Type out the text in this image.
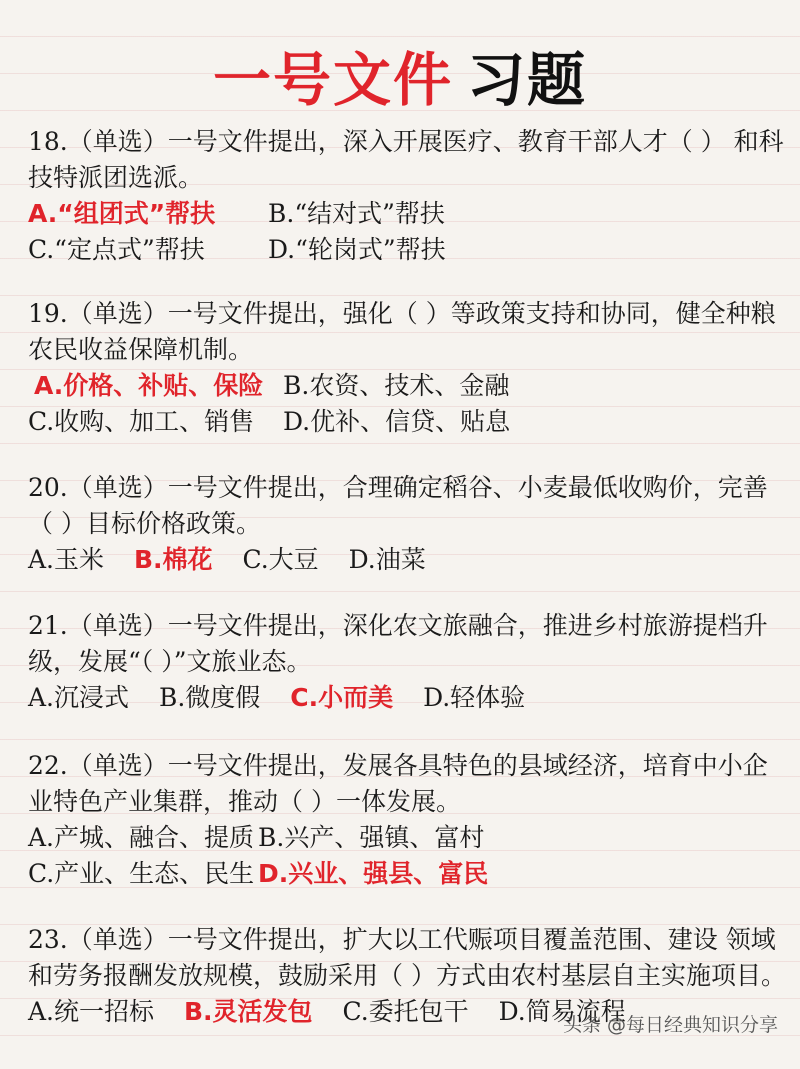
一号文件 习题

18.（单选）一号文件提出，深入开展医疗、教育干部人才（ ） 和科技特派团选派。

A.“组团式”帮扶	B.“结对式”帮扶
C.“定点式”帮扶	D.“轮岗式”帮扶

19.（单选）一号文件提出，强化（ ）等政策支持和协同，健全种粮农民收益保障机制。

A.价格、补贴、保险 B.农资、技术、金融
C.收购、加工、销售	D.优补、信贷、贴息

20.（单选）一号文件提出，合理确定稻谷、小麦最低收购价，完善（ ）目标价格政策。

A.玉米 B.棉花 C.大豆 D.油菜

21.（单选）一号文件提出，深化农文旅融合，推进乡村旅游提档升级，发展“（ ）”文旅业态。

A.沉浸式 B.微度假 C.小而美 D.轻体验

22.（单选）一号文件提出，发展各具特色的县域经济，培育中小企业特色产业集群，推动（ ）一体发展。

A.产城、融合、提质 B.兴产、强镇、富村
C.产业、生态、民生 D.兴业、强县、富民

23.（单选）一号文件提出，扩大以工代赈项目覆盖范围、建设 领域和劳务报酬发放规模，鼓励采用（ ）方式由农村基层自主实施项目。

A.统一招标 B.灵活发包 C.委托包干 D.简易流程
头条 @每日经典知识分享
